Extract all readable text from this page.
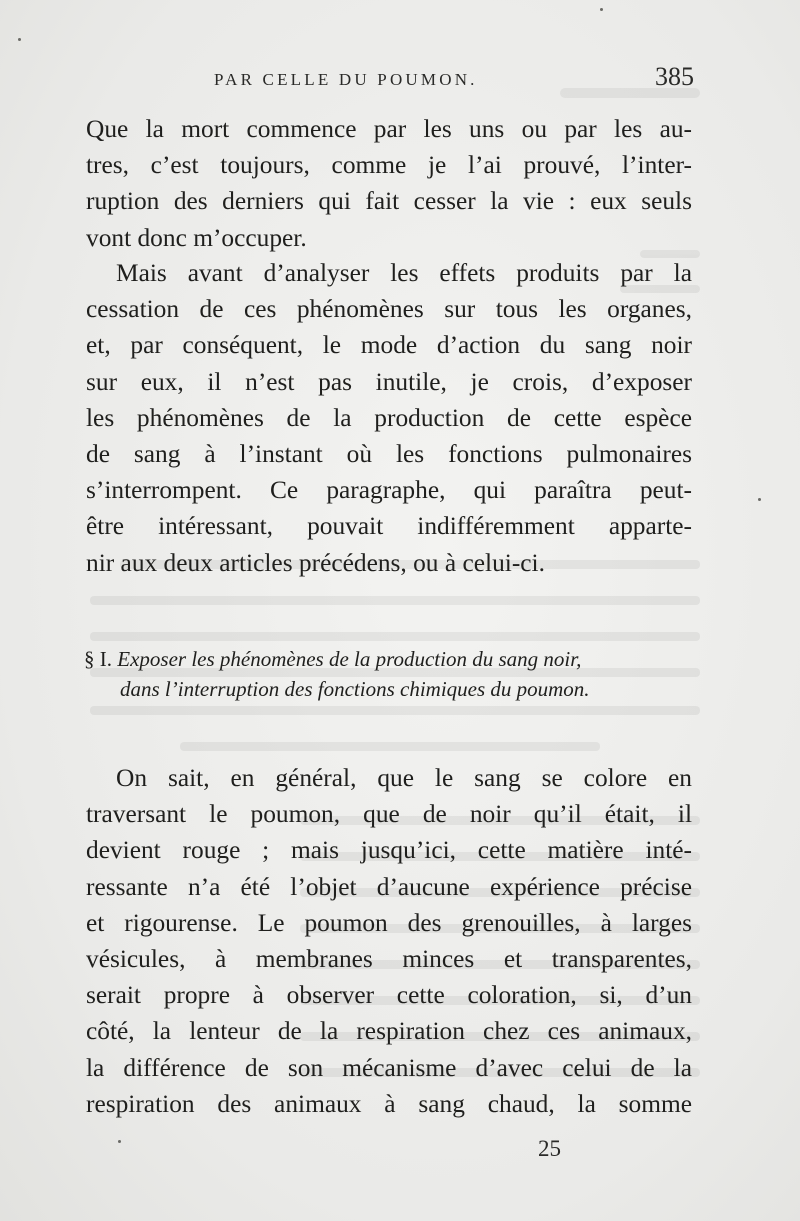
PAR CELLE DU POUMON.	385
Que la mort commence par les uns ou par les au-
tres, c’est toujours, comme je l’ai prouvé, l’inter-
ruption des derniers qui fait cesser la vie : eux seuls
vont donc m’occuper.
Mais avant d’analyser les effets produits par la
cessation de ces phénomènes sur tous les organes,
et, par conséquent, le mode d’action du sang noir
sur eux, il n’est pas inutile, je crois, d’exposer
les phénomènes de la production de cette espèce
de sang à l’instant où les fonctions pulmonaires
s’interrompent. Ce paragraphe, qui paraîtra peut-
être intéressant, pouvait indifféremment apparte-
nir aux deux articles précédens, ou à celui-ci.
§ I. Exposer les phénomènes de la production du sang noir,
dans l’interruption des fonctions chimiques du poumon.
On sait, en général, que le sang se colore en
traversant le poumon, que de noir qu’il était, il
devient rouge ; mais jusqu’ici, cette matière inté-
ressante n’a été l’objet d’aucune expérience précise
et rigourense. Le poumon des grenouilles, à larges
vésicules, à membranes minces et transparentes,
serait propre à observer cette coloration, si, d’un
côté, la lenteur de la respiration chez ces animaux,
la différence de son mécanisme d’avec celui de la
respiration des animaux à sang chaud, la somme
25
